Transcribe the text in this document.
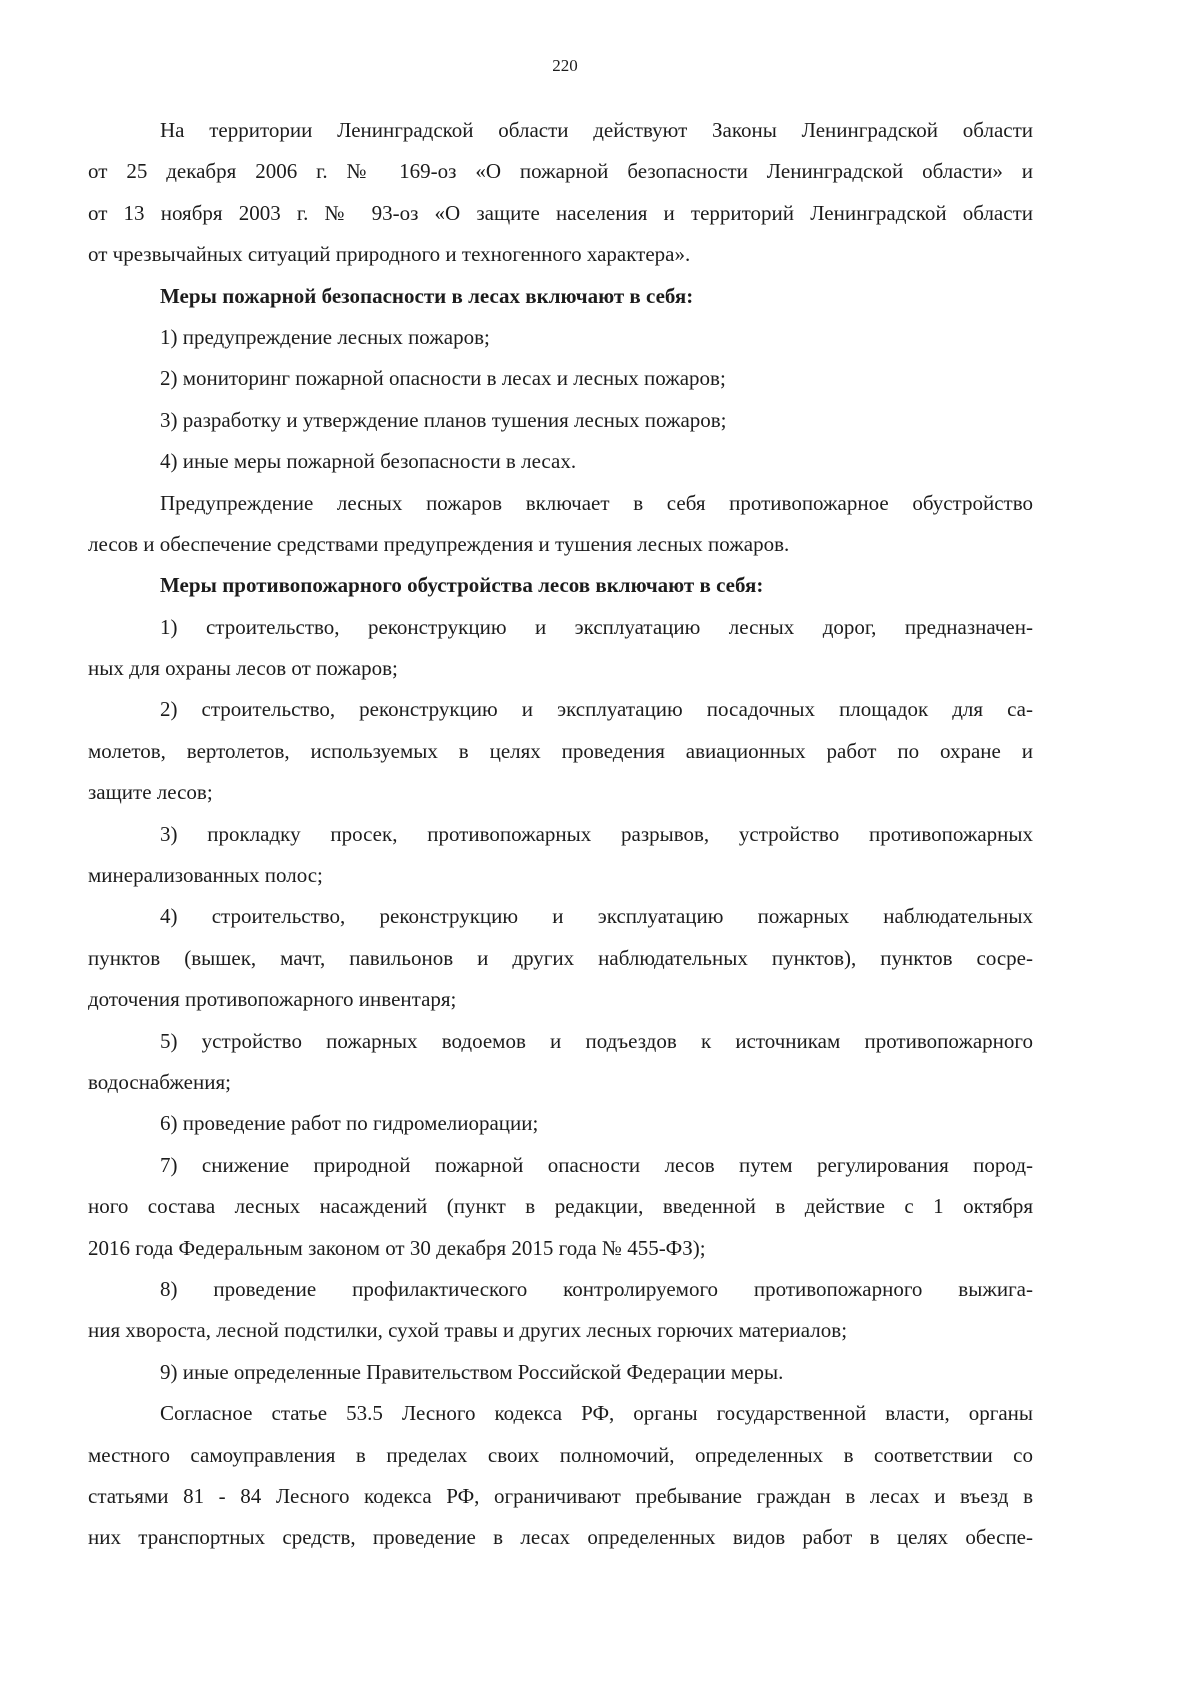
220
На территории Ленинградской области действуют Законы Ленинградской области
от 25 декабря 2006 г. № 169-оз «О пожарной безопасности Ленинградской области» и
от 13 ноября 2003 г. № 93-оз «О защите населения и территорий Ленинградской области
от чрезвычайных ситуаций природного и техногенного характера».
Меры пожарной безопасности в лесах включают в себя:
1) предупреждение лесных пожаров;
2) мониторинг пожарной опасности в лесах и лесных пожаров;
3) разработку и утверждение планов тушения лесных пожаров;
4) иные меры пожарной безопасности в лесах.
Предупреждение лесных пожаров включает в себя противопожарное обустройство
лесов и обеспечение средствами предупреждения и тушения лесных пожаров.
Меры противопожарного обустройства лесов включают в себя:
1) строительство, реконструкцию и эксплуатацию лесных дорог, предназначен-
ных для охраны лесов от пожаров;
2) строительство, реконструкцию и эксплуатацию посадочных площадок для са-
молетов, вертолетов, используемых в целях проведения авиационных работ по охране и
защите лесов;
3) прокладку просек, противопожарных разрывов, устройство противопожарных
минерализованных полос;
4) строительство, реконструкцию и эксплуатацию пожарных наблюдательных
пунктов (вышек, мачт, павильонов и других наблюдательных пунктов), пунктов сосре-
доточения противопожарного инвентаря;
5) устройство пожарных водоемов и подъездов к источникам противопожарного
водоснабжения;
6) проведение работ по гидромелиорации;
7) снижение природной пожарной опасности лесов путем регулирования пород-
ного состава лесных насаждений (пункт в редакции, введенной в действие с 1 октября
2016 года Федеральным законом от 30 декабря 2015 года № 455-ФЗ);
8) проведение профилактического контролируемого противопожарного выжига-
ния хвороста, лесной подстилки, сухой травы и других лесных горючих материалов;
9) иные определенные Правительством Российской Федерации меры.
Согласное статье 53.5 Лесного кодекса РФ, органы государственной власти, органы
местного самоуправления в пределах своих полномочий, определенных в соответствии со
статьями 81 - 84 Лесного кодекса РФ, ограничивают пребывание граждан в лесах и въезд в
них транспортных средств, проведение в лесах определенных видов работ в целях обеспе-
